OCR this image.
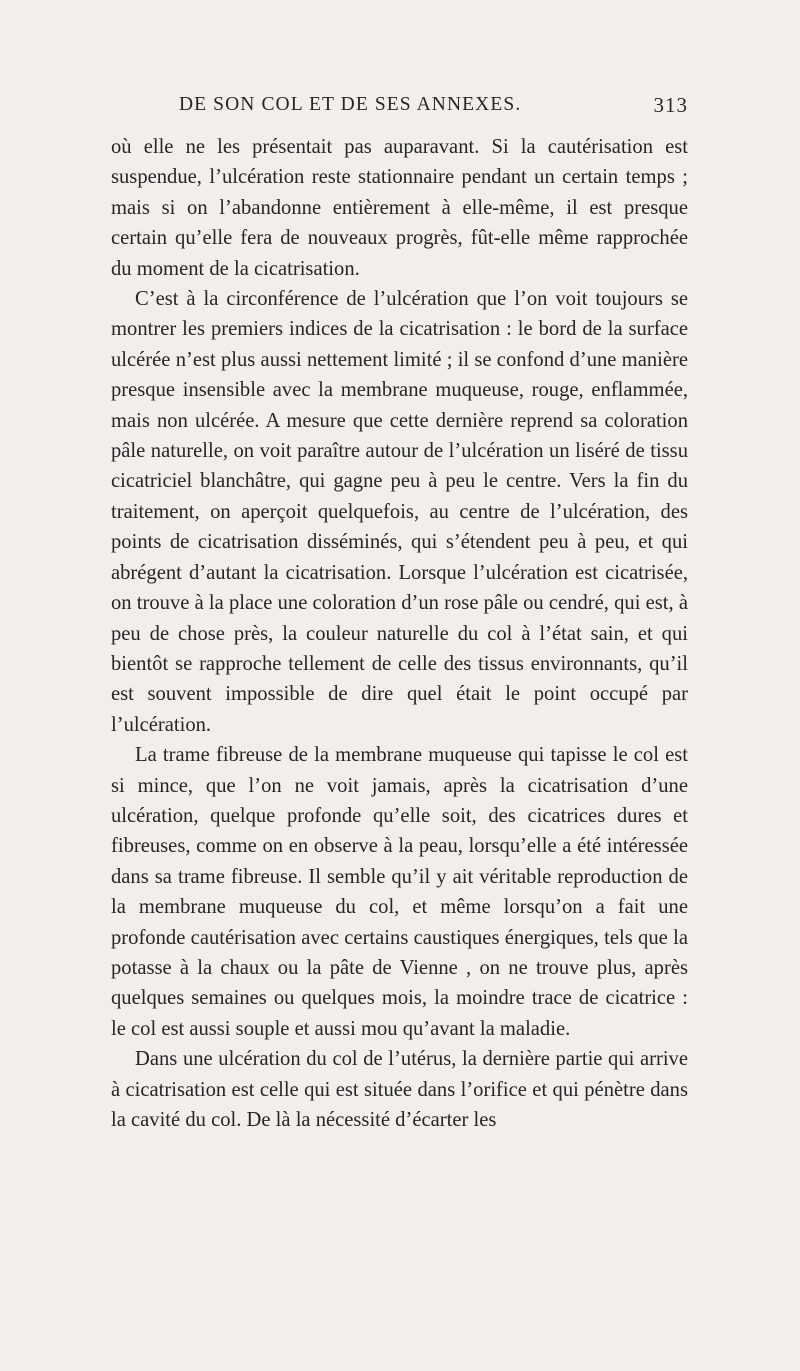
DE SON COL ET DE SES ANNEXES.	313

où elle ne les présentait pas auparavant. Si la cautérisation est suspendue, l’ulcération reste stationnaire pendant un certain temps ; mais si on l’abandonne entièrement à elle-même, il est presque certain qu’elle fera de nouveaux progrès, fût-elle même rapprochée du moment de la cicatrisation.

C’est à la circonférence de l’ulcération que l’on voit toujours se montrer les premiers indices de la cicatrisation : le bord de la surface ulcérée n’est plus aussi nettement limité ; il se confond d’une manière presque insensible avec la membrane muqueuse, rouge, enflammée, mais non ulcérée. A mesure que cette dernière reprend sa coloration pâle naturelle, on voit paraître autour de l’ulcération un liséré de tissu cicatriciel blanchâtre, qui gagne peu à peu le centre. Vers la fin du traitement, on aperçoit quelquefois, au centre de l’ulcération, des points de cicatrisation disséminés, qui s’étendent peu à peu, et qui abrégent d’autant la cicatrisation. Lorsque l’ulcération est cicatrisée, on trouve à la place une coloration d’un rose pâle ou cendré, qui est, à peu de chose près, la couleur naturelle du col à l’état sain, et qui bientôt se rapproche tellement de celle des tissus environnants, qu’il est souvent impossible de dire quel était le point occupé par l’ulcération.

La trame fibreuse de la membrane muqueuse qui tapisse le col est si mince, que l’on ne voit jamais, après la cicatrisation d’une ulcération, quelque profonde qu’elle soit, des cicatrices dures et fibreuses, comme on en observe à la peau, lorsqu’elle a été intéressée dans sa trame fibreuse. Il semble qu’il y ait véritable reproduction de la membrane muqueuse du col, et même lorsqu’on a fait une profonde cautérisation avec certains caustiques énergiques, tels que la potasse à la chaux ou la pâte de Vienne , on ne trouve plus, après quelques semaines ou quelques mois, la moindre trace de cicatrice : le col est aussi souple et aussi mou qu’avant la maladie.

Dans une ulcération du col de l’utérus, la dernière partie qui arrive à cicatrisation est celle qui est située dans l’orifice et qui pénètre dans la cavité du col. De là la nécessité d’écarter les
